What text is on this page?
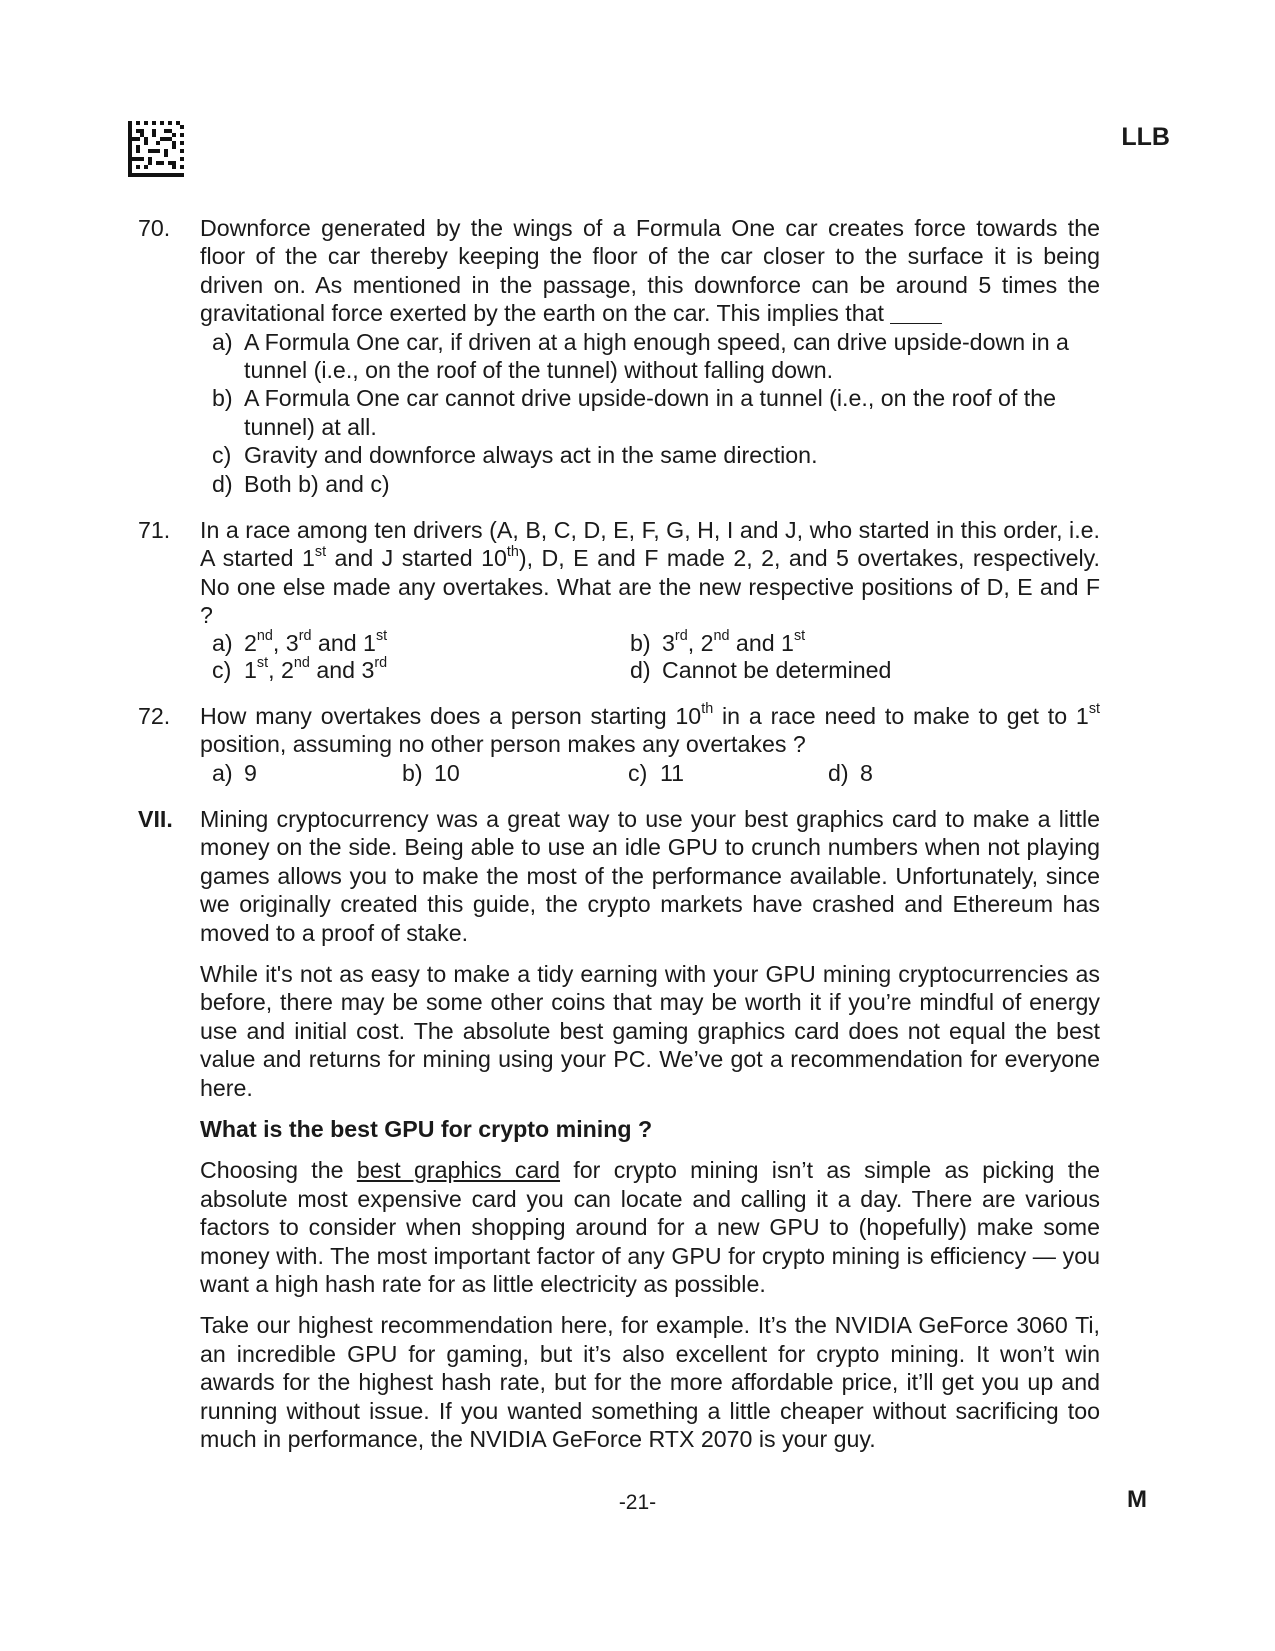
LLB
70.	Downforce generated by the wings of a Formula One car creates force towards the floor of the car thereby keeping the floor of the car closer to the surface it is being driven on. As mentioned in the passage, this downforce can be around 5 times the gravitational force exerted by the earth on the car. This implies that
a) A Formula One car, if driven at a high enough speed, can drive upside-down in a tunnel (i.e., on the roof of the tunnel) without falling down.
b) A Formula One car cannot drive upside-down in a tunnel (i.e., on the roof of the tunnel) at all.
c) Gravity and downforce always act in the same direction.
d) Both b) and c)
71.	In a race among ten drivers (A, B, C, D, E, F, G, H, I and J, who started in this order, i.e. A started 1st and J started 10th), D, E and F made 2, 2, and 5 overtakes, respectively. No one else made any overtakes. What are the new respective positions of D, E and F ?
a) 2nd, 3rd and 1st	b) 3rd, 2nd and 1st
c) 1st, 2nd and 3rd	d) Cannot be determined
72.	How many overtakes does a person starting 10th in a race need to make to get to 1st position, assuming no other person makes any overtakes ?
a) 9	b) 10	c) 11	d) 8
VII.	Mining cryptocurrency was a great way to use your best graphics card to make a little money on the side. Being able to use an idle GPU to crunch numbers when not playing games allows you to make the most of the performance available. Unfortunately, since we originally created this guide, the crypto markets have crashed and Ethereum has moved to a proof of stake.
While it's not as easy to make a tidy earning with your GPU mining cryptocurrencies as before, there may be some other coins that may be worth it if you’re mindful of energy use and initial cost. The absolute best gaming graphics card does not equal the best value and returns for mining using your PC. We’ve got a recommendation for everyone here.
What is the best GPU for crypto mining ?
Choosing the best graphics card for crypto mining isn’t as simple as picking the absolute most expensive card you can locate and calling it a day. There are various factors to consider when shopping around for a new GPU to (hopefully) make some money with. The most important factor of any GPU for crypto mining is efficiency — you want a high hash rate for as little electricity as possible.
Take our highest recommendation here, for example. It’s the NVIDIA GeForce 3060 Ti, an incredible GPU for gaming, but it’s also excellent for crypto mining. It won’t win awards for the highest hash rate, but for the more affordable price, it’ll get you up and running without issue. If you wanted something a little cheaper without sacrificing too much in performance, the NVIDIA GeForce RTX 2070 is your guy.
-21-	M
